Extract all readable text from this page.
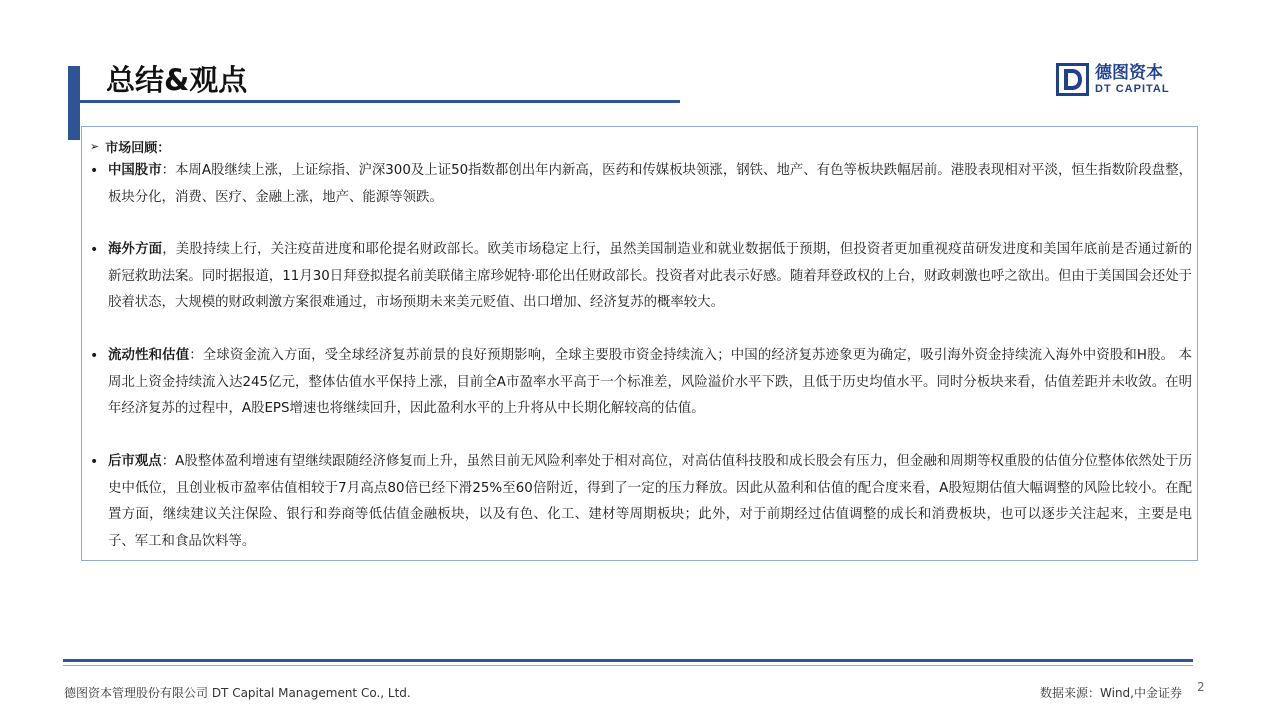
总结&观点	德图资本
DT CAPITAL
➢ 市场回顾：
• 中国股市：本周A股继续上涨，上证综指、沪深300及上证50指数都创出年内新高，医药和传媒板块领涨，钢铁、地产、有色等板块跌幅居前。港股表现相对平淡，恒生指数阶段盘整，板块分化，消费、医疗、金融上涨，地产、能源等领跌。
• 海外方面，美股持续上行，关注疫苗进度和耶伦提名财政部长。欧美市场稳定上行，虽然美国制造业和就业数据低于预期，但投资者更加重视疫苗研发进度和美国年底前是否通过新的新冠救助法案。同时据报道，11月30日拜登拟提名前美联储主席珍妮特·耶伦出任财政部长。投资者对此表示好感。随着拜登政权的上台，财政刺激也呼之欲出。但由于美国国会还处于胶着状态，大规模的财政刺激方案很难通过，市场预期未来美元贬值、出口增加、经济复苏的概率较大。
• 流动性和估值：全球资金流入方面，受全球经济复苏前景的良好预期影响，全球主要股市资金持续流入；中国的经济复苏迹象更为确定，吸引海外资金持续流入海外中资股和H股。 本周北上资金持续流入达245亿元，整体估值水平保持上涨，目前全A市盈率水平高于一个标准差，风险溢价水平下跌，且低于历史均值水平。同时分板块来看，估值差距并未收敛。在明年经济复苏的过程中，A股EPS增速也将继续回升，因此盈利水平的上升将从中长期化解较高的估值。
• 后市观点：A股整体盈利增速有望继续跟随经济修复而上升，虽然目前无风险利率处于相对高位，对高估值科技股和成长股会有压力，但金融和周期等权重股的估值分位整体依然处于历史中低位，且创业板市盈率估值相较于7月高点80倍已经下滑25%至60倍附近，得到了一定的压力释放。因此从盈利和估值的配合度来看，A股短期估值大幅调整的风险比较小。在配置方面，继续建议关注保险、银行和券商等低估值金融板块，以及有色、化工、建材等周期板块；此外，对于前期经过估值调整的成长和消费板块，也可以逐步关注起来，主要是电子、军工和食品饮料等。
德图资本管理股份有限公司 DT Capital Management Co., Ltd.	数据来源：Wind,中金证券 2
